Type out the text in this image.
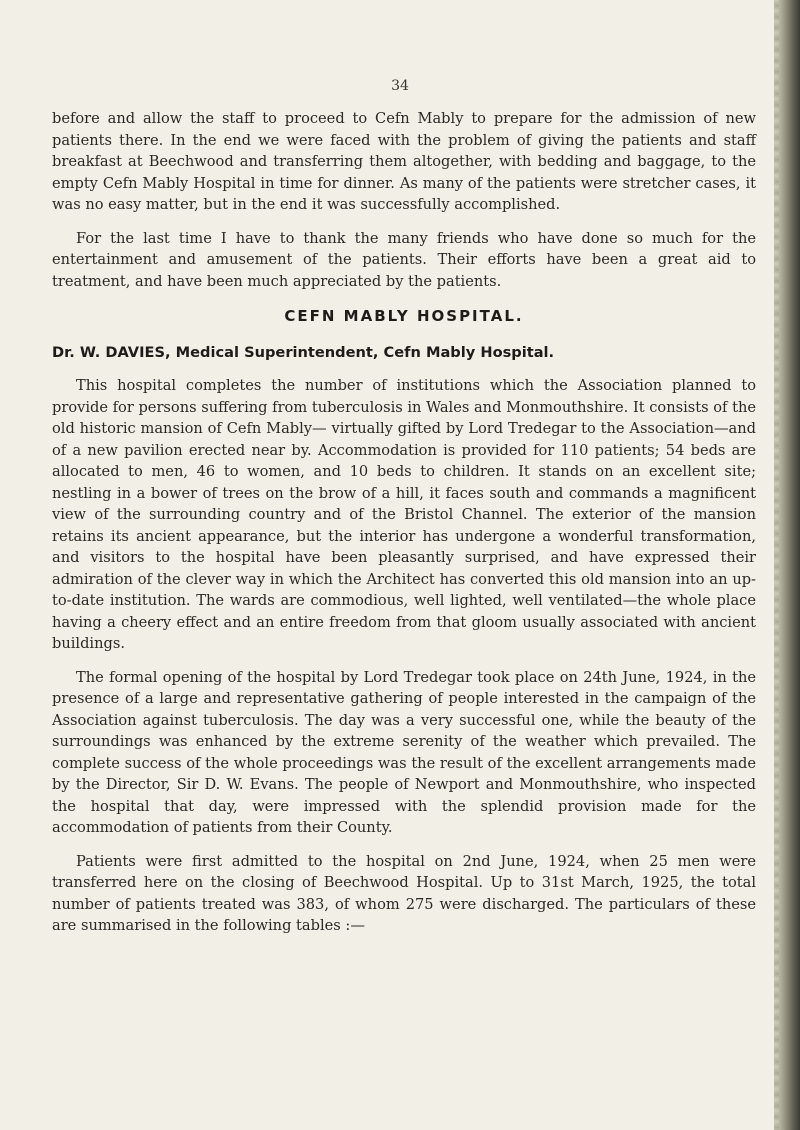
34

before and allow the staff to proceed to Cefn Mably to prepare for the admission of new patients there. In the end we were faced with the problem of giving the patients and staff breakfast at Beechwood and transferring them altogether, with bedding and baggage, to the empty Cefn Mably Hospital in time for dinner. As many of the patients were stretcher cases, it was no easy matter, but in the end it was successfully accomplished.

For the last time I have to thank the many friends who have done so much for the entertainment and amusement of the patients. Their efforts have been a great aid to treatment, and have been much appreciated by the patients.

CEFN MABLY HOSPITAL.
Dr. W. DAVIES, Medical Superintendent, Cefn Mably Hospital.

This hospital completes the number of institutions which the Association planned to provide for persons suffering from tuberculosis in Wales and Monmouthshire. It consists of the old historic mansion of Cefn Mably— virtually gifted by Lord Tredegar to the Association—and of a new pavilion erected near by. Accommodation is provided for 110 patients; 54 beds are allocated to men, 46 to women, and 10 beds to children. It stands on an excellent site; nestling in a bower of trees on the brow of a hill, it faces south and commands a magnificent view of the surrounding country and of the Bristol Channel. The exterior of the mansion retains its ancient appearance, but the interior has undergone a wonderful transformation, and visitors to the hospital have been pleasantly surprised, and have expressed their admiration of the clever way in which the Architect has converted this old mansion into an up-to-date institution. The wards are commodious, well lighted, well ventilated—the whole place having a cheery effect and an entire freedom from that gloom usually associated with ancient buildings.

The formal opening of the hospital by Lord Tredegar took place on 24th June, 1924, in the presence of a large and representative gathering of people interested in the campaign of the Association against tuberculosis. The day was a very successful one, while the beauty of the surroundings was enhanced by the extreme serenity of the weather which prevailed. The complete success of the whole proceedings was the result of the excellent arrangements made by the Director, Sir D. W. Evans. The people of Newport and Monmouthshire, who inspected the hospital that day, were impressed with the splendid provision made for the accommodation of patients from their County.

Patients were first admitted to the hospital on 2nd June, 1924, when 25 men were transferred here on the closing of Beechwood Hospital. Up to 31st March, 1925, the total number of patients treated was 383, of whom 275 were discharged. The particulars of these are summarised in the following tables :—
